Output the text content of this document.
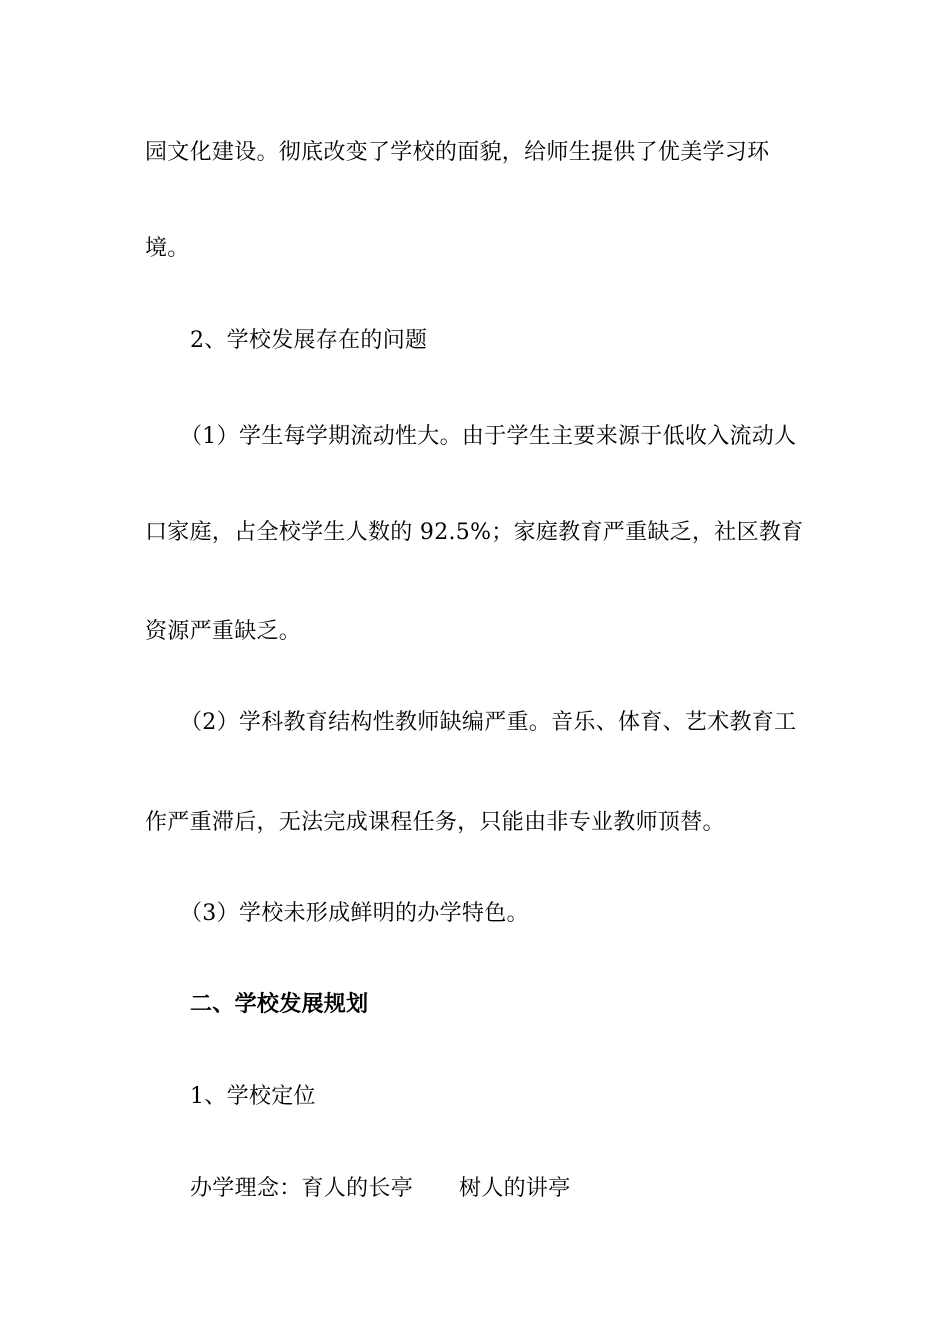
园文化建设。彻底改变了学校的面貌，给师生提供了优美学习环
境。
2、学校发展存在的问题
（1）学生每学期流动性大。由于学生主要来源于低收入流动人
口家庭，占全校学生人数的 92.5%；家庭教育严重缺乏，社区教育
资源严重缺乏。
（2）学科教育结构性教师缺编严重。音乐、体育、艺术教育工
作严重滞后，无法完成课程任务，只能由非专业教师顶替。
（3）学校未形成鲜明的办学特色。
二、学校发展规划
1、学校定位
办学理念：育人的长亭 树人的讲亭
